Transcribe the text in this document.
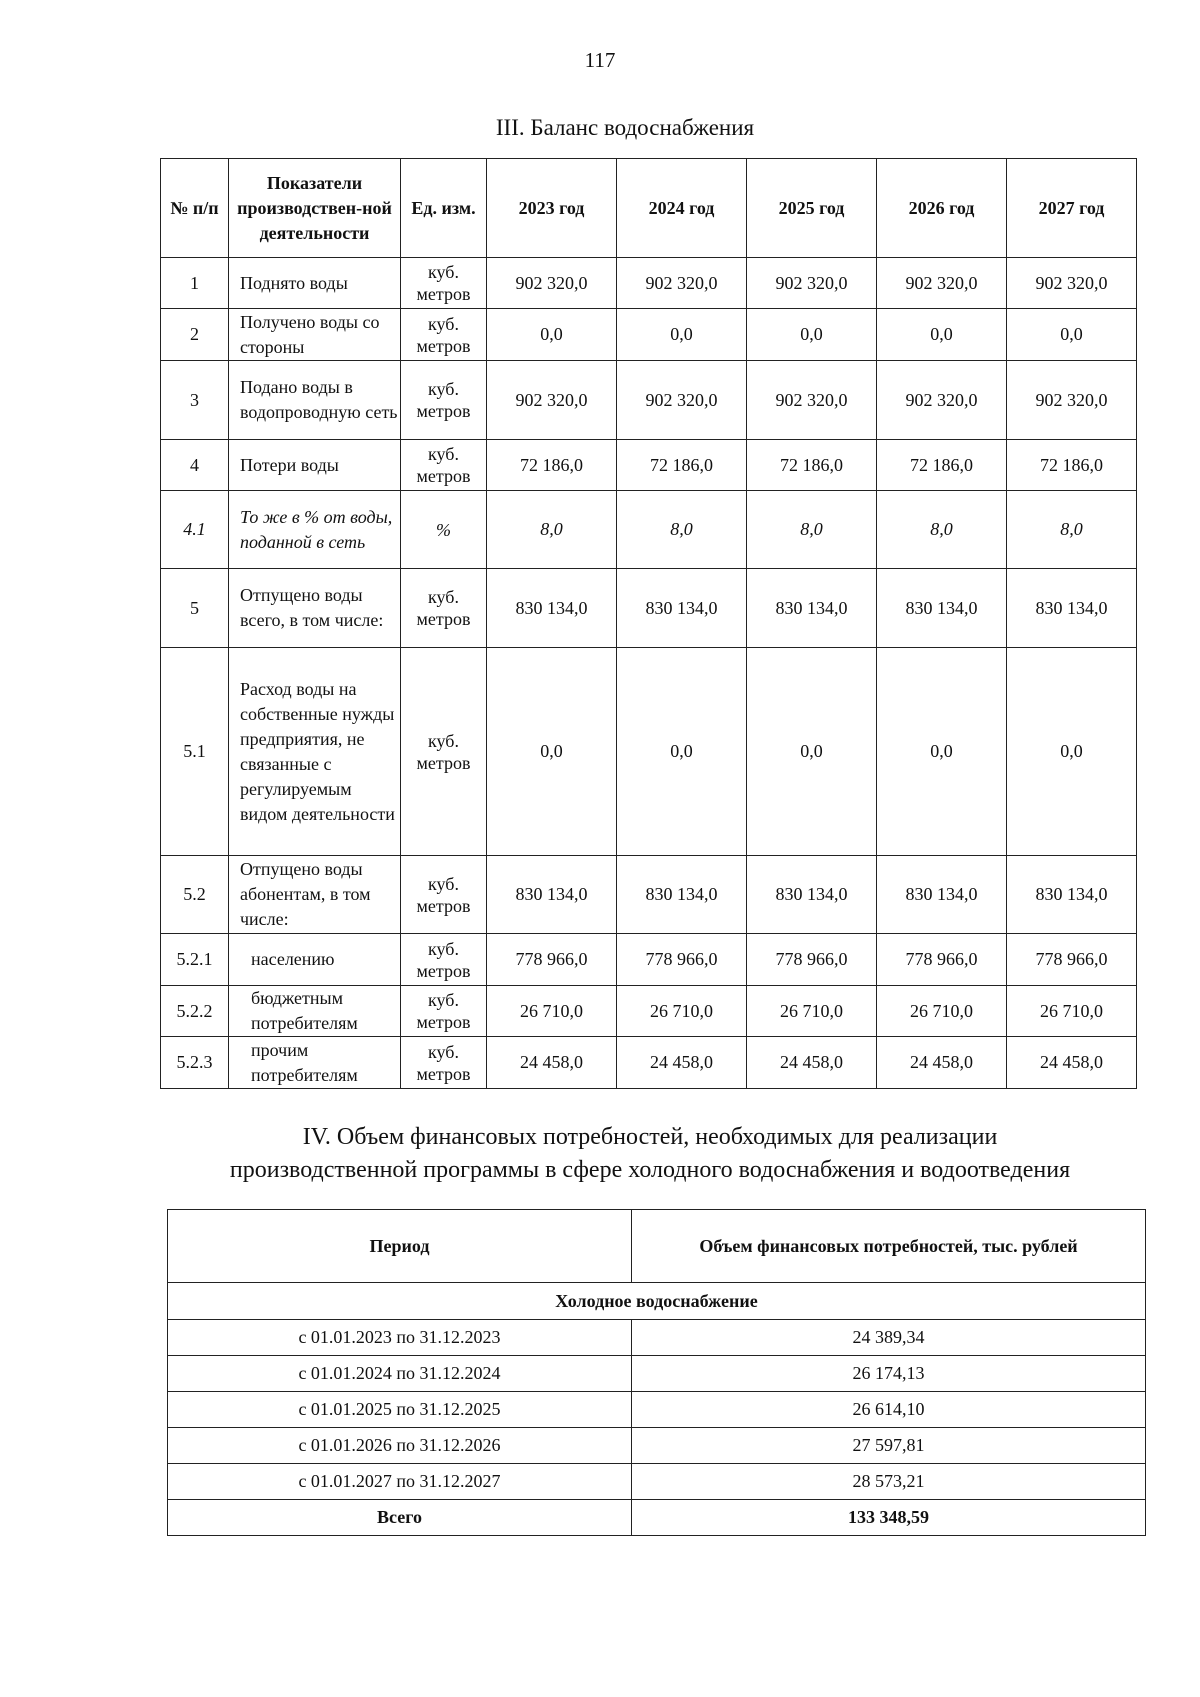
117
III. Баланс водоснабжения
№ п/п	Показатели производствен-ной деятельности	Ед. изм.	2023 год	2024 год	2025 год	2026 год	2027 год
1	Поднято воды	куб. метров	902 320,0	902 320,0	902 320,0	902 320,0	902 320,0
2	Получено воды со стороны	куб. метров	0,0	0,0	0,0	0,0	0,0
3	Подано воды в водопроводную сеть	куб. метров	902 320,0	902 320,0	902 320,0	902 320,0	902 320,0
4	Потери воды	куб. метров	72 186,0	72 186,0	72 186,0	72 186,0	72 186,0
4.1	То же в % от воды, поданной в сеть	%	8,0	8,0	8,0	8,0	8,0
5	Отпущено воды всего, в том числе:	куб. метров	830 134,0	830 134,0	830 134,0	830 134,0	830 134,0
5.1	Расход воды на собственные нужды предприятия, не связанные с регулируемым видом деятельности	куб. метров	0,0	0,0	0,0	0,0	0,0
5.2	Отпущено воды абонентам, в том числе:	куб. метров	830 134,0	830 134,0	830 134,0	830 134,0	830 134,0
5.2.1	населению	куб. метров	778 966,0	778 966,0	778 966,0	778 966,0	778 966,0
5.2.2	бюджетным потребителям	куб. метров	26 710,0	26 710,0	26 710,0	26 710,0	26 710,0
5.2.3	прочим потребителям	куб. метров	24 458,0	24 458,0	24 458,0	24 458,0	24 458,0
IV. Объем финансовых потребностей, необходимых для реализации
производственной программы в сфере холодного водоснабжения и водоотведения
Период	Объем финансовых потребностей, тыс. рублей
Холодное водоснабжение	
с 01.01.2023 по 31.12.2023	24 389,34
с 01.01.2024 по 31.12.2024	26 174,13
с 01.01.2025 по 31.12.2025	26 614,10
с 01.01.2026 по 31.12.2026	27 597,81
с 01.01.2027 по 31.12.2027	28 573,21
Всего	133 348,59
